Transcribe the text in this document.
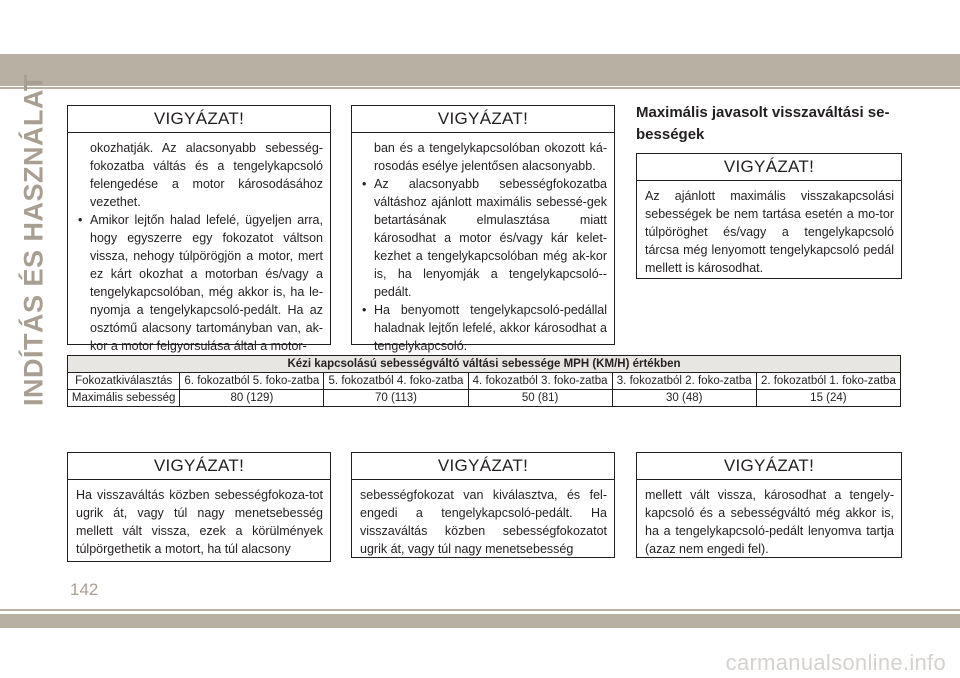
INDÍTÁS ÉS HASZNÁLAT	VIGYÁZAT!
okozhatják. Az alacsonyabb sebesség-fokozatba váltás és a tengelykapcsoló felengedése a motor károsodásához vezethet.
• Amikor lejtőn halad lefelé, ügyeljen arra, hogy egyszerre egy fokozatot váltson vissza, nehogy túlpörögjön a motor, mert ez kárt okozhat a motorban és/vagy a tengelykapcsolóban, még akkor is, ha le-nyomja a tengelykapcsoló-pedált. Ha az osztómű alacsony tartományban van, ak-kor a motor felgyorsulása által a motor-
VIGYÁZAT!
ban és a tengelykapcsolóban okozott ká-rosodás esélye jelentősen alacsonyabb.
• Az alacsonyabb sebességfokozatba váltáshoz ajánlott maximális sebessé-gek betartásának elmulasztása miatt károsodhat a motor és/vagy kár kelet-kezhet a tengelykapcsolóban még ak-kor is, ha lenyomják a tengelykapcsoló--pedált.
• Ha benyomott tengelykapcsoló-pedállal haladnak lejtőn lefelé, akkor károsodhat a tengelykapcsoló.
Maximális javasolt visszaváltási se-bességek
VIGYÁZAT!
Az ajánlott maximális visszakapcsolási sebességek be nem tartása esetén a mo-tor túlpöröghet és/vagy a tengelykapcsoló tárcsa még lenyomott tengelykapcsoló pedál mellett is károsodhat.
Kézi kapcsolású sebességváltó váltási sebessége MPH (KM/H) értékben					
Fokozatkiválasztás	6. fokozatból 5. foko-zatba	5. fokozatból 4. foko-zatba	4. fokozatból 3. foko-zatba	3. fokozatból 2. foko-zatba	2. fokozatból 1. foko-zatba
Maximális sebesség	80 (129)	70 (113)	50 (81)	30 (48)	15 (24)
VIGYÁZAT!
Ha visszaváltás közben sebességfokoza-tot ugrik át, vagy túl nagy menetsebesség mellett vált vissza, ezek a körülmények túlpörgethetik a motort, ha túl alacsony
VIGYÁZAT!
sebességfokozat van kiválasztva, és fel-engedi a tengelykapcsoló-pedált. Ha visszaváltás közben sebességfokozatot ugrik át, vagy túl nagy menetsebesség
VIGYÁZAT!
mellett vált vissza, károsodhat a tengely-kapcsoló és a sebességváltó még akkor is, ha a tengelykapcsoló-pedált lenyomva tartja (azaz nem engedi fel).
142
carmanualsonline.info
